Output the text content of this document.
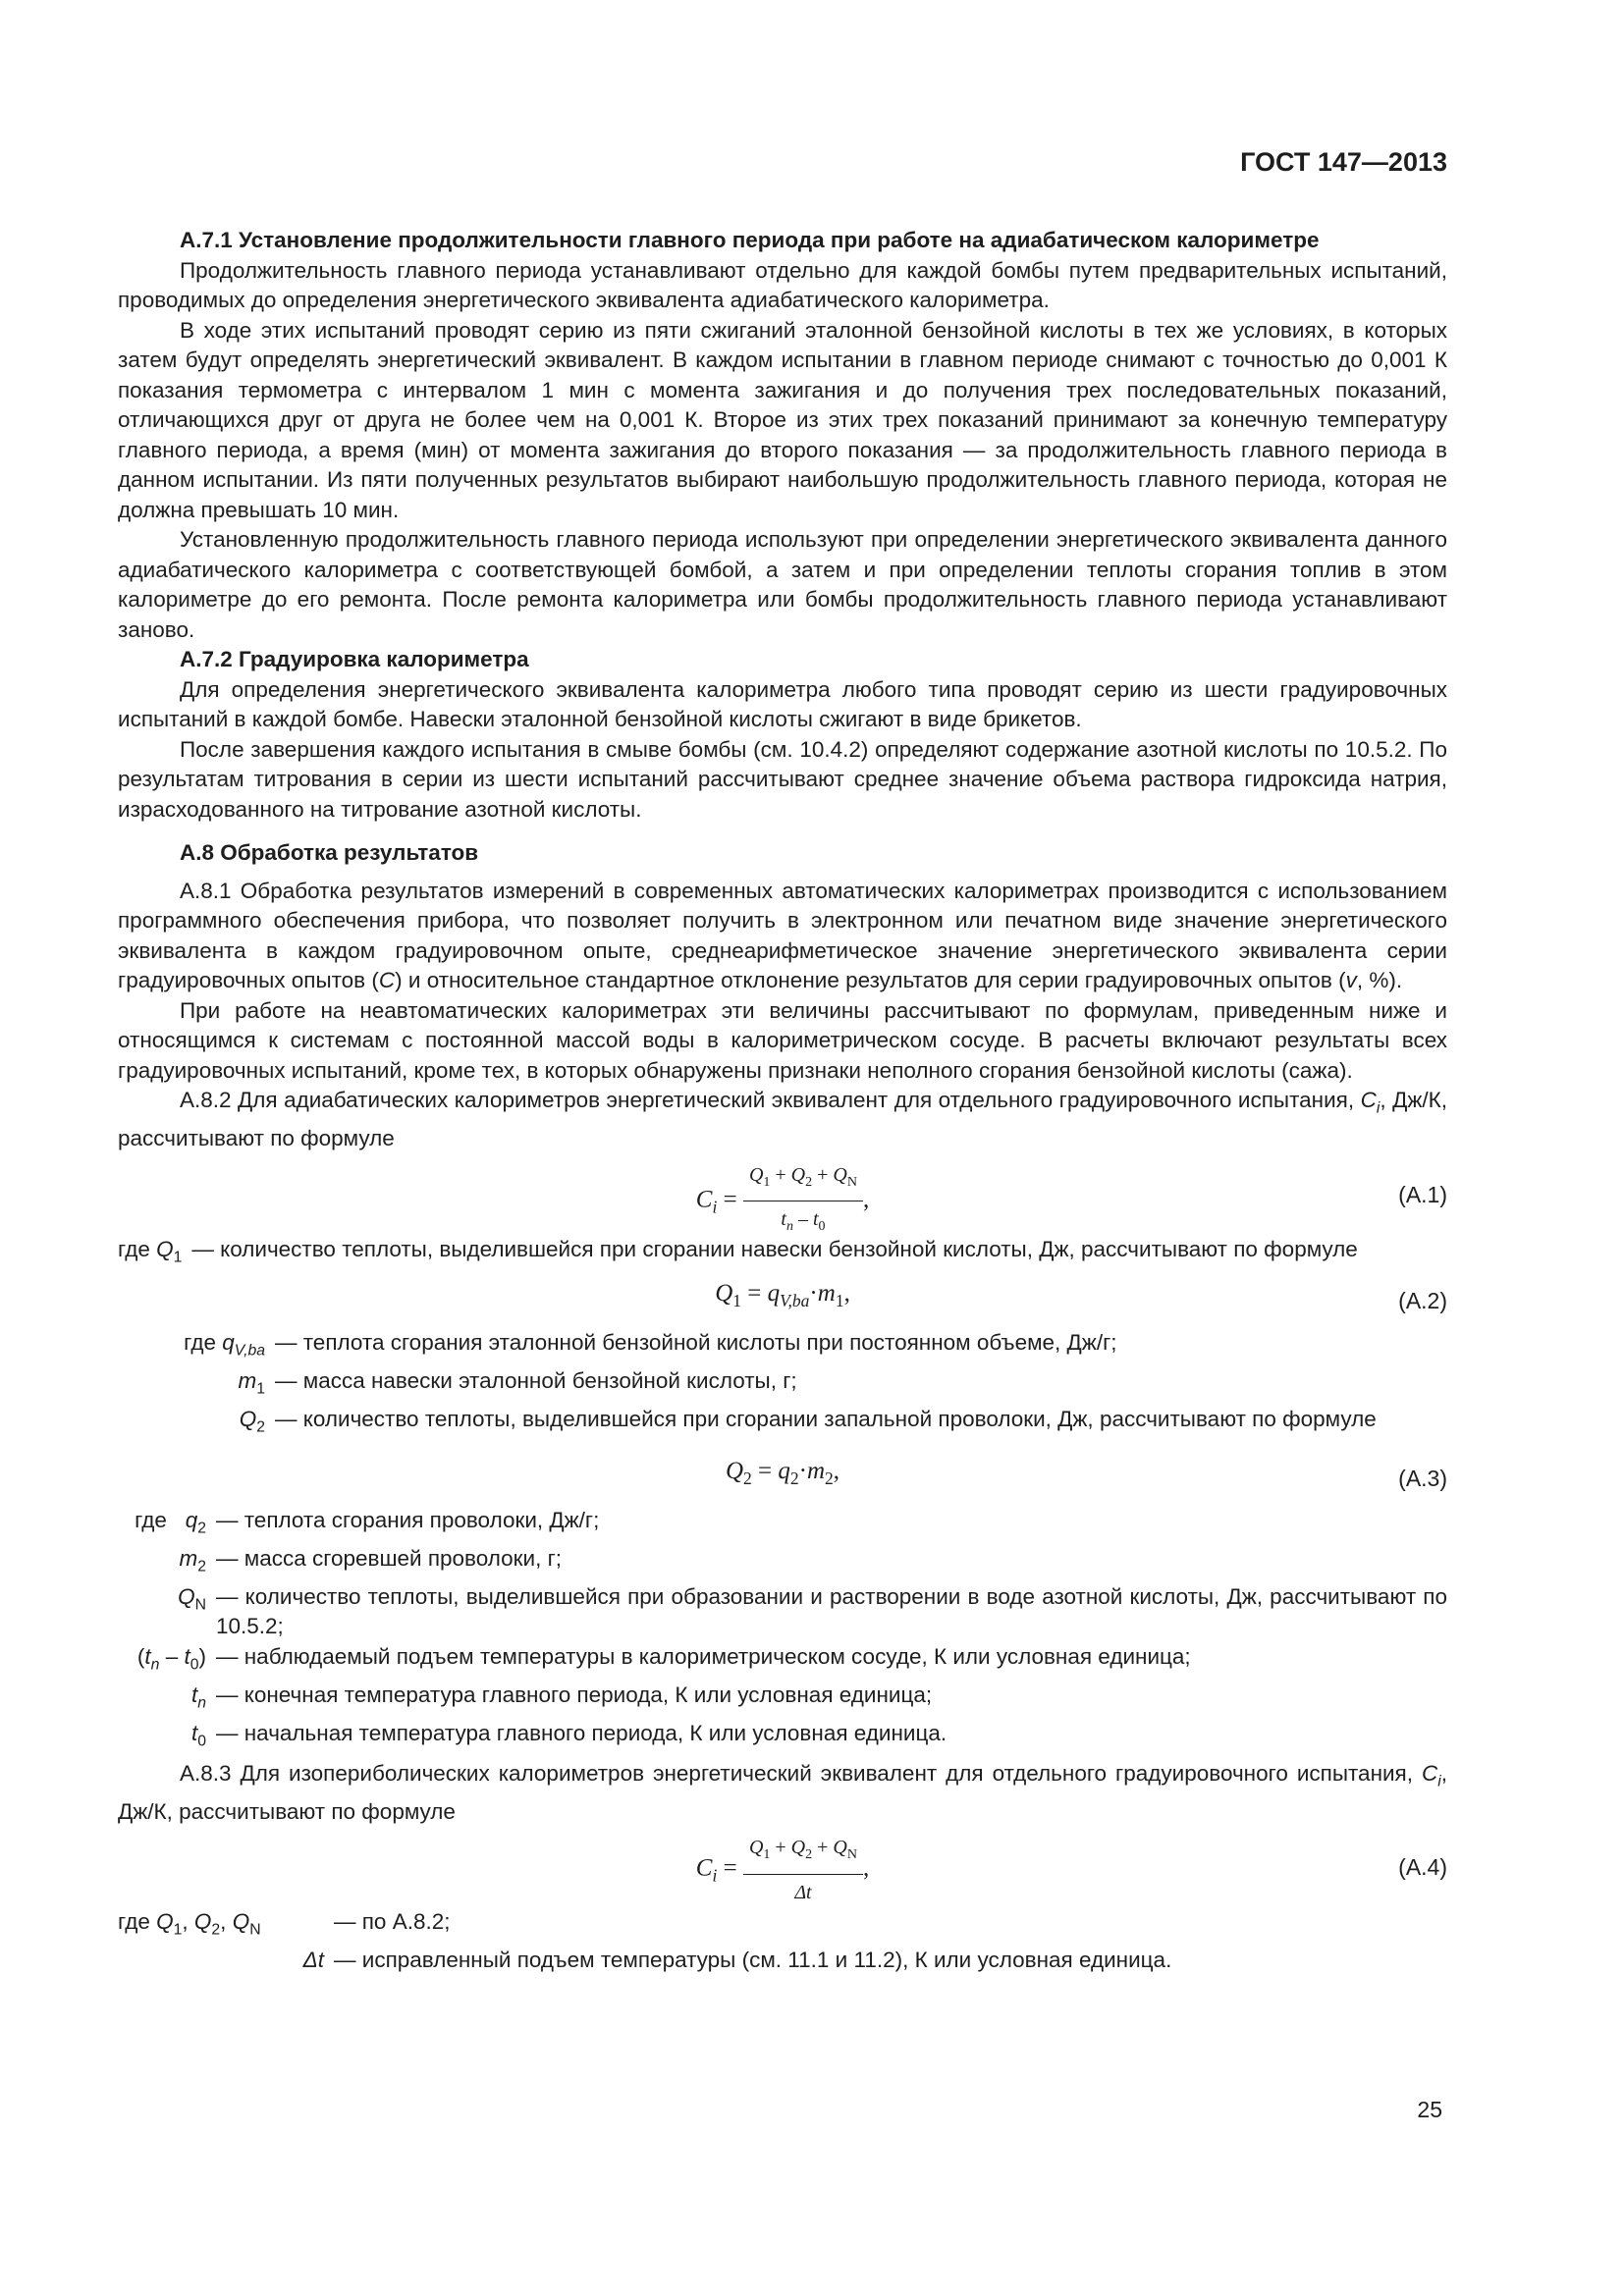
ГОСТ 147—2013

А.7.1 Установление продолжительности главного периода при работе на адиабатическом калориметре

Продолжительность главного периода устанавливают отдельно для каждой бомбы путем предварительных испытаний, проводимых до определения энергетического эквивалента адиабатического калориметра.

В ходе этих испытаний проводят серию из пяти сжиганий эталонной бензойной кислоты в тех же условиях, в которых затем будут определять энергетический эквивалент. В каждом испытании в главном периоде снимают с точностью до 0,001 К показания термометра с интервалом 1 мин с момента зажигания и до получения трех последовательных показаний, отличающихся друг от друга не более чем на 0,001 К. Второе из этих трех показаний принимают за конечную температуру главного периода, а время (мин) от момента зажигания до второго показания — за продолжительность главного периода в данном испытании. Из пяти полученных результатов выбирают наибольшую продолжительность главного периода, которая не должна превышать 10 мин.

Установленную продолжительность главного периода используют при определении энергетического эквивалента данного адиабатического калориметра с соответствующей бомбой, а затем и при определении теплоты сгорания топлив в этом калориметре до его ремонта. После ремонта калориметра или бомбы продолжительность главного периода устанавливают заново.

А.7.2 Градуировка калориметра

Для определения энергетического эквивалента калориметра любого типа проводят серию из шести градуировочных испытаний в каждой бомбе. Навески эталонной бензойной кислоты сжигают в виде брикетов.

После завершения каждого испытания в смыве бомбы (см. 10.4.2) определяют содержание азотной кислоты по 10.5.2. По результатам титрования в серии из шести испытаний рассчитывают среднее значение объема раствора гидроксида натрия, израсходованного на титрование азотной кислоты.

А.8 Обработка результатов

А.8.1 Обработка результатов измерений в современных автоматических калориметрах производится с использованием программного обеспечения прибора, что позволяет получить в электронном или печатном виде значение энергетического эквивалента в каждом градуировочном опыте, среднеарифметическое значение энергетического эквивалента серии градуировочных опытов (C) и относительное стандартное отклонение результатов для серии градуировочных опытов (v, %).

При работе на неавтоматических калориметрах эти величины рассчитывают по формулам, приведенным ниже и относящимся к системам с постоянной массой воды в калориметрическом сосуде. В расчеты включают результаты всех градуировочных испытаний, кроме тех, в которых обнаружены признаки неполного сгорания бензойной кислоты (сажа).

А.8.2 Для адиабатических калориметров энергетический эквивалент для отдельного градуировочного испытания, $C_i$, Дж/К, рассчитывают по формуле

$C_i = \frac{Q_1 + Q_2 + Q_N}{t_n - t_0}$ ,	(А.1)
где $Q_1$ — количество теплоты, выделившейся при сгорании навески бензойной кислоты, Дж, рассчитывают по формуле
$Q_1 = q_{V,ba}\cdot m_1$,	(А.2)
где $q_{V,ba}$ — теплота сгорания эталонной бензойной кислоты при постоянном объеме, Дж/г;
$m_1$ — масса навески эталонной бензойной кислоты, г;
$Q_2$ — количество теплоты, выделившейся при сгорании запальной проволоки, Дж, рассчитывают по формуле
$Q_2 = q_2\cdot m_2$,	(А.3)
где   $q_2$ — теплота сгорания проволоки, Дж/г;
$m_2$ — масса сгоревшей проволоки, г;
$Q_N$ — количество теплоты, выделившейся при образовании и растворении в воде азотной кислоты, Дж, рассчитывают по 10.5.2;
$(t_n - t_0)$ — наблюдаемый подъем температуры в калориметрическом сосуде, К или условная единица;
$t_n$ — конечная температура главного периода, К или условная единица;
$t_0$ — начальная температура главного периода, К или условная единица.

А.8.3 Для изопериболических калориметров энергетический эквивалент для отдельного градуировочного испытания, $C_i$, Дж/К, рассчитывают по формуле

$C_i = \frac{Q_1 + Q_2 + Q_N}{\Delta t}$ ,	(А.4)
где $Q_1$, $Q_2$, $Q_N$	— по А.8.2;
Δt — исправленный подъем температуры (см. 11.1 и 11.2), К или условная единица.
25
